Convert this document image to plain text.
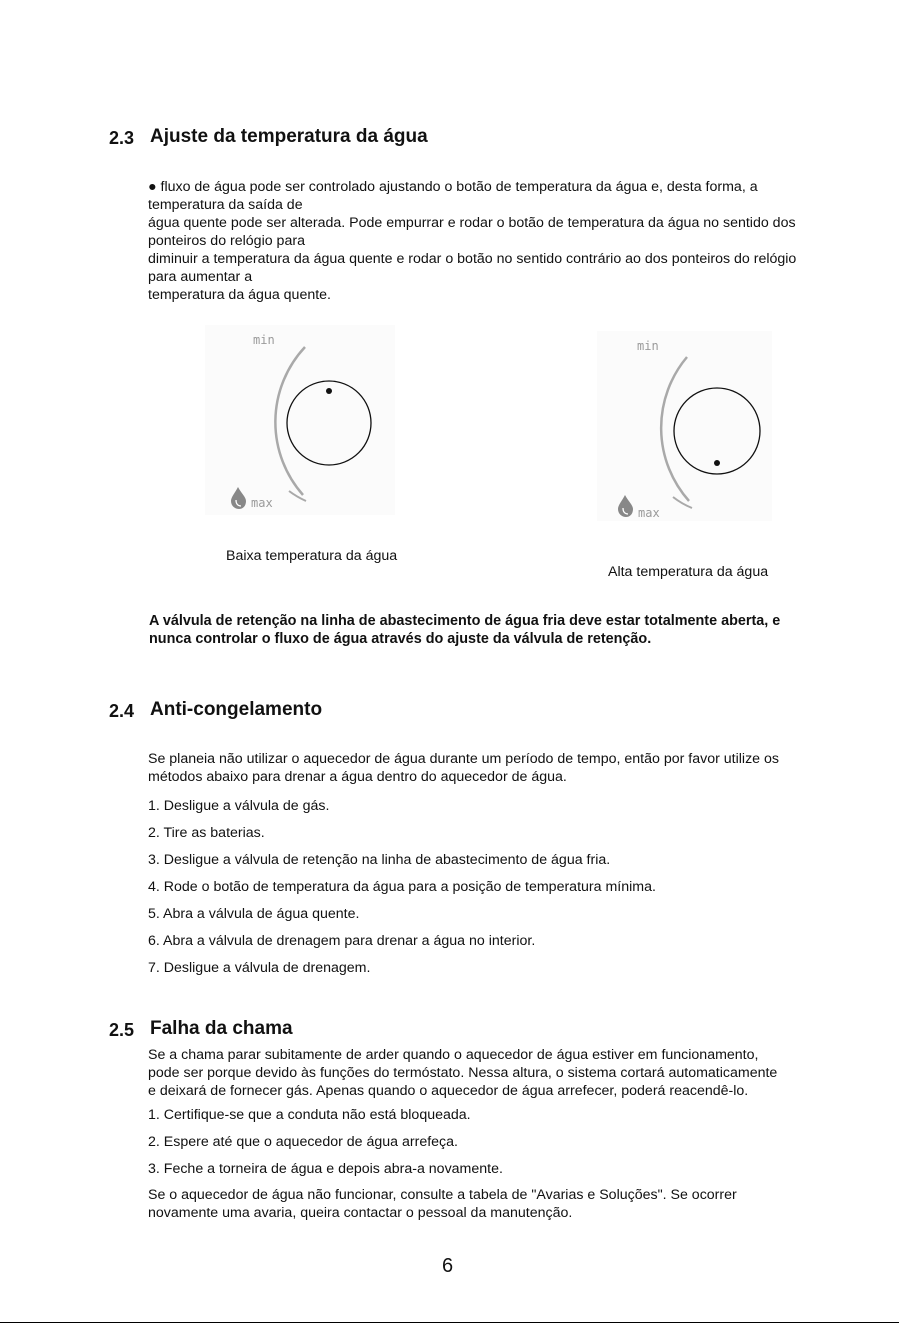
2.3 Ajuste da temperatura da água
● fluxo de água pode ser controlado ajustando o botão de temperatura da água e, desta forma, a
temperatura da saída de
água quente pode ser alterada. Pode empurrar e rodar o botão de temperatura da água no sentido dos
ponteiros do relógio para
diminuir a temperatura da água quente e rodar o botão no sentido contrário ao dos ponteiros do relógio
para aumentar a
temperatura da água quente.
min
max
Baixa temperatura da água
min
max
Alta temperatura da água
A válvula de retenção na linha de abastecimento de água fria deve estar totalmente aberta, e
nunca controlar o fluxo de água através do ajuste da válvula de retenção.
2.4 Anti-congelamento
Se planeia não utilizar o aquecedor de água durante um período de tempo, então por favor utilize os
métodos abaixo para drenar a água dentro do aquecedor de água.
1. Desligue a válvula de gás.
2. Tire as baterias.
3. Desligue a válvula de retenção na linha de abastecimento de água fria.
4. Rode o botão de temperatura da água para a posição de temperatura mínima.
5. Abra a válvula de água quente.
6. Abra a válvula de drenagem para drenar a água no interior.
7. Desligue a válvula de drenagem.
2.5 Falha da chama
Se a chama parar subitamente de arder quando o aquecedor de água estiver em funcionamento,
pode ser porque devido às funções do termóstato. Nessa altura, o sistema cortará automaticamente
e deixará de fornecer gás. Apenas quando o aquecedor de água arrefecer, poderá reacendê-lo.
1. Certifique-se que a conduta não está bloqueada.
2. Espere até que o aquecedor de água arrefeça.
3. Feche a torneira de água e depois abra-a novamente.
Se o aquecedor de água não funcionar, consulte a tabela de "Avarias e Soluções". Se ocorrer
novamente uma avaria, queira contactar o pessoal da manutenção.
6
